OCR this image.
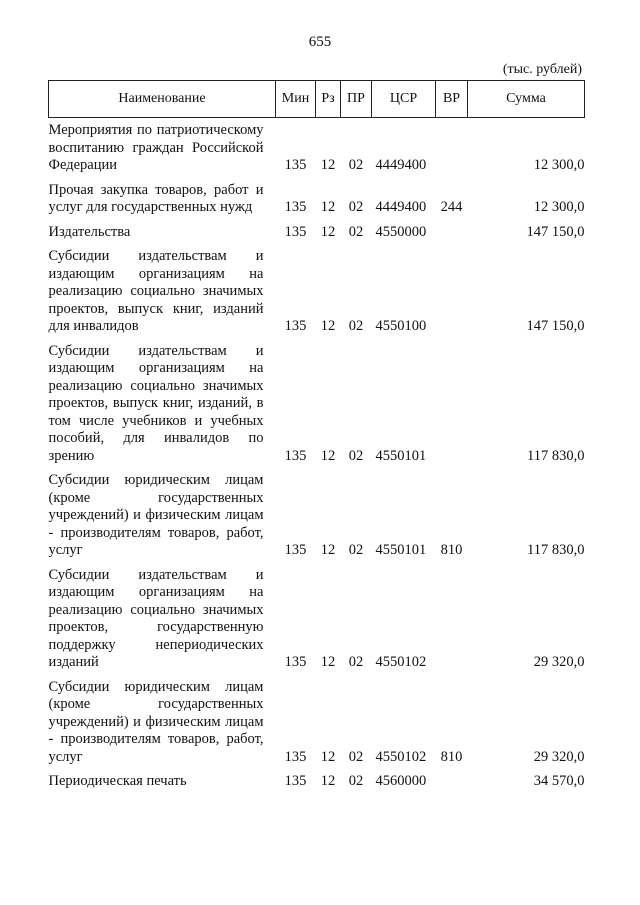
655
(тыс. рублей)
Наименование	Мин	Рз	ПР	ЦСР	ВР	Сумма
Мероприятия по патриотическому воспитанию граждан Российской Федерации	135	12	02	4449400		12 300,0
Прочая закупка товаров, работ и услуг для государственных нужд	135	12	02	4449400	244	12 300,0
Издательства	135	12	02	4550000		147 150,0
Субсидии издательствам и издающим организациям на реализацию социально значимых проектов, выпуск книг, изданий для инвалидов	135	12	02	4550100		147 150,0
Субсидии издательствам и издающим организациям на реализацию социально значимых проектов, выпуск книг, изданий, в том числе учебников и учебных пособий, для инвалидов по зрению	135	12	02	4550101		117 830,0
Субсидии юридическим лицам (кроме государственных учреждений) и физическим лицам - производителям товаров, работ, услуг	135	12	02	4550101	810	117 830,0
Субсидии издательствам и издающим организациям на реализацию социально значимых проектов, государственную поддержку непериодических изданий	135	12	02	4550102		29 320,0
Субсидии юридическим лицам (кроме государственных учреждений) и физическим лицам - производителям товаров, работ, услуг	135	12	02	4550102	810	29 320,0
Периодическая печать	135	12	02	4560000		34 570,0
